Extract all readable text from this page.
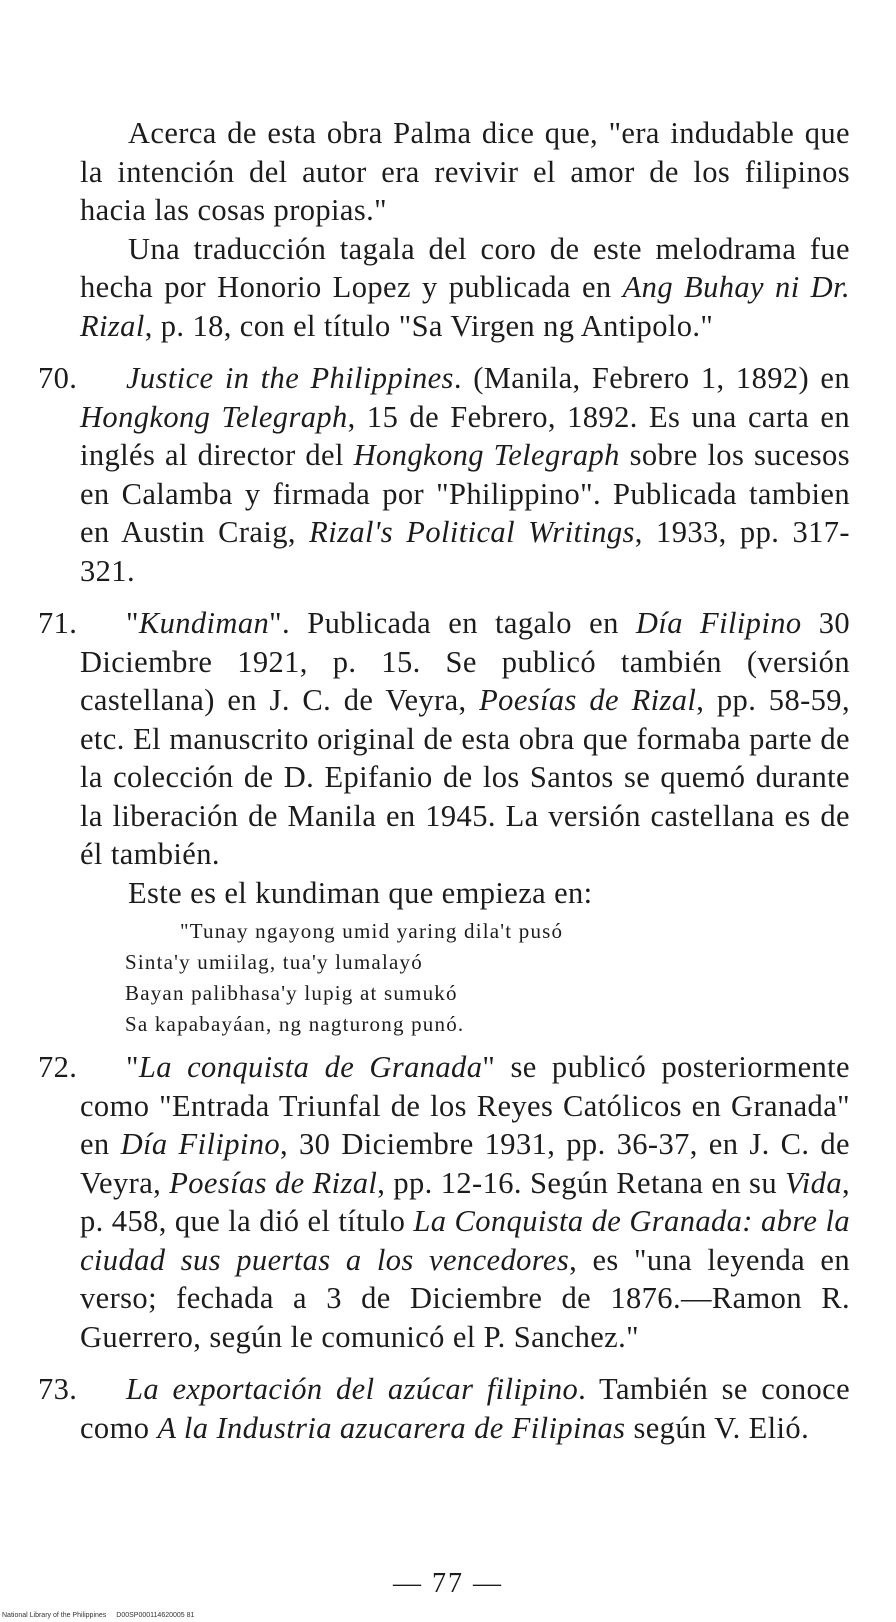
Acerca de esta obra Palma dice que, "era indudable que la intención del autor era revivir el amor de los filipinos hacia las cosas propias."

Una traducción tagala del coro de este melodrama fue hecha por Honorio Lopez y publicada en Ang Buhay ni Dr. Rizal, p. 18, con el título "Sa Virgen ng Antipolo."

70.	Justice in the Philippines. (Manila, Febrero 1, 1892) en Hongkong Telegraph, 15 de Febrero, 1892. Es una carta en inglés al director del Hongkong Telegraph sobre los sucesos en Calamba y firmada por "Philippino". Publicada tambien en Austin Craig, Rizal's Political Writings, 1933, pp. 317-321.

71.	"Kundiman". Publicada en tagalo en Día Filipino 30 Diciembre 1921, p. 15. Se publicó también (versión castellana) en J. C. de Veyra, Poesías de Rizal, pp. 58-59, etc. El manuscrito original de esta obra que formaba parte de la colección de D. Epifanio de los Santos se quemó durante la liberación de Manila en 1945. La versión castellana es de él también.

Este es el kundiman que empieza en:

"Tunay ngayong umid yaring dila't pusó
Sinta'y umiilag, tua'y lumalayó
Bayan palibhasa'y lupig at sumukó
Sa kapabayáan, ng nagturong punó.
72.	"La conquista de Granada" se publicó posteriormente como "Entrada Triunfal de los Reyes Católicos en Granada" en Día Filipino, 30 Diciembre 1931, pp. 36-37, en J. C. de Veyra, Poesías de Rizal, pp. 12-16. Según Retana en su Vida, p. 458, que la dió el título La Conquista de Granada: abre la ciudad sus puertas a los vencedores, es "una leyenda en verso; fechada a 3 de Diciembre de 1876.—Ramon R. Guerrero, según le comunicó el P. Sanchez."

73.	La exportación del azúcar filipino. También se conoce como A la Industria azucarera de Filipinas según V. Elió.

— 77 —
National Library of the Philippines D00SP000114620005 81
